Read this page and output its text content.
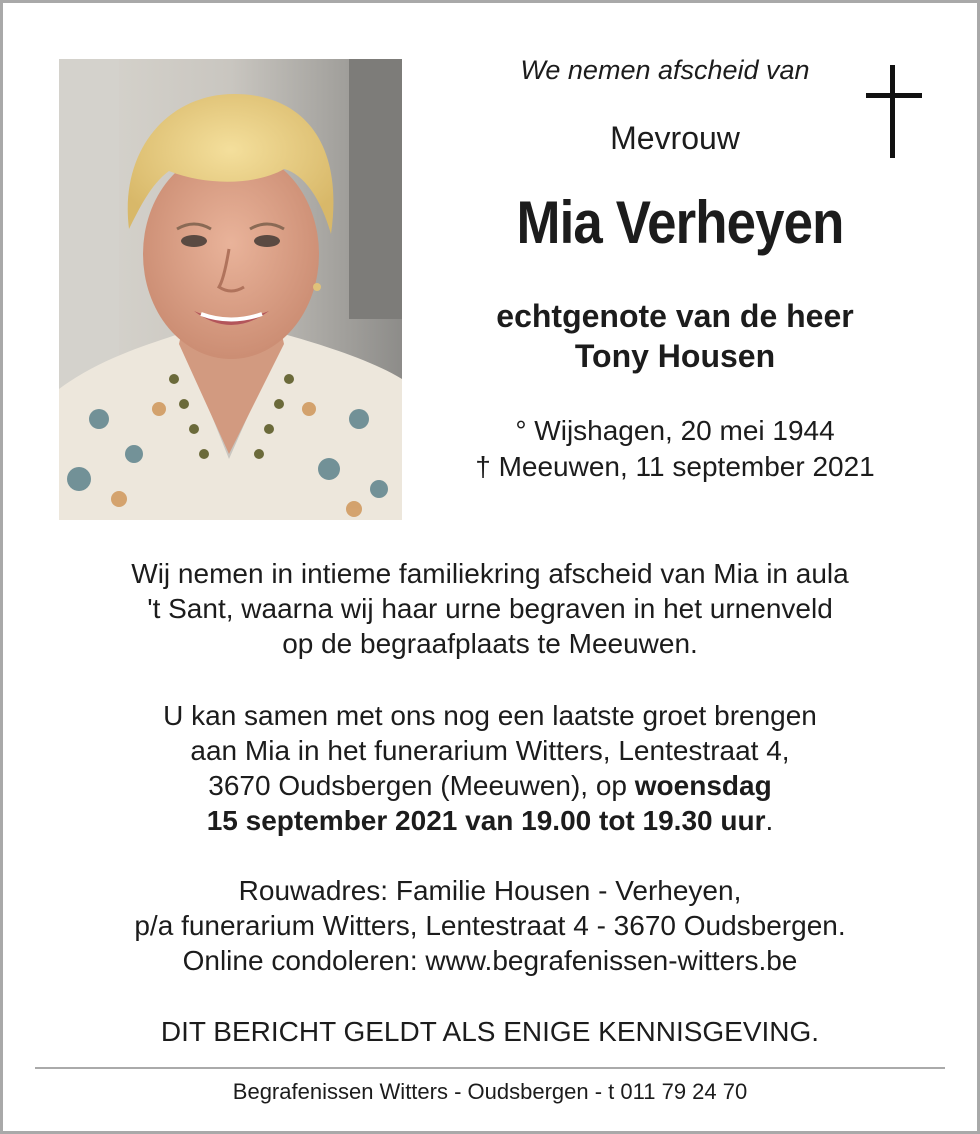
We nemen afscheid van
Mevrouw
Mia Verheyen
echtgenote van de heer
Tony Housen
° Wijshagen, 20 mei 1944
† Meeuwen, 11 september 2021
Wij nemen in intieme familiekring afscheid van Mia in aula
't Sant, waarna wij haar urne begraven in het urnenveld
op de begraafplaats te Meeuwen.
U kan samen met ons nog een laatste groet brengen
aan Mia in het funerarium Witters, Lentestraat 4,
3670 Oudsbergen (Meeuwen), op woensdag
15 september 2021 van 19.00 tot 19.30 uur.
Rouwadres: Familie Housen - Verheyen,
p/a funerarium Witters, Lentestraat 4 - 3670 Oudsbergen.
Online condoleren: www.begrafenissen-witters.be
DIT BERICHT GELDT ALS ENIGE KENNISGEVING.
Begrafenissen Witters - Oudsbergen - t 011 79 24 70
